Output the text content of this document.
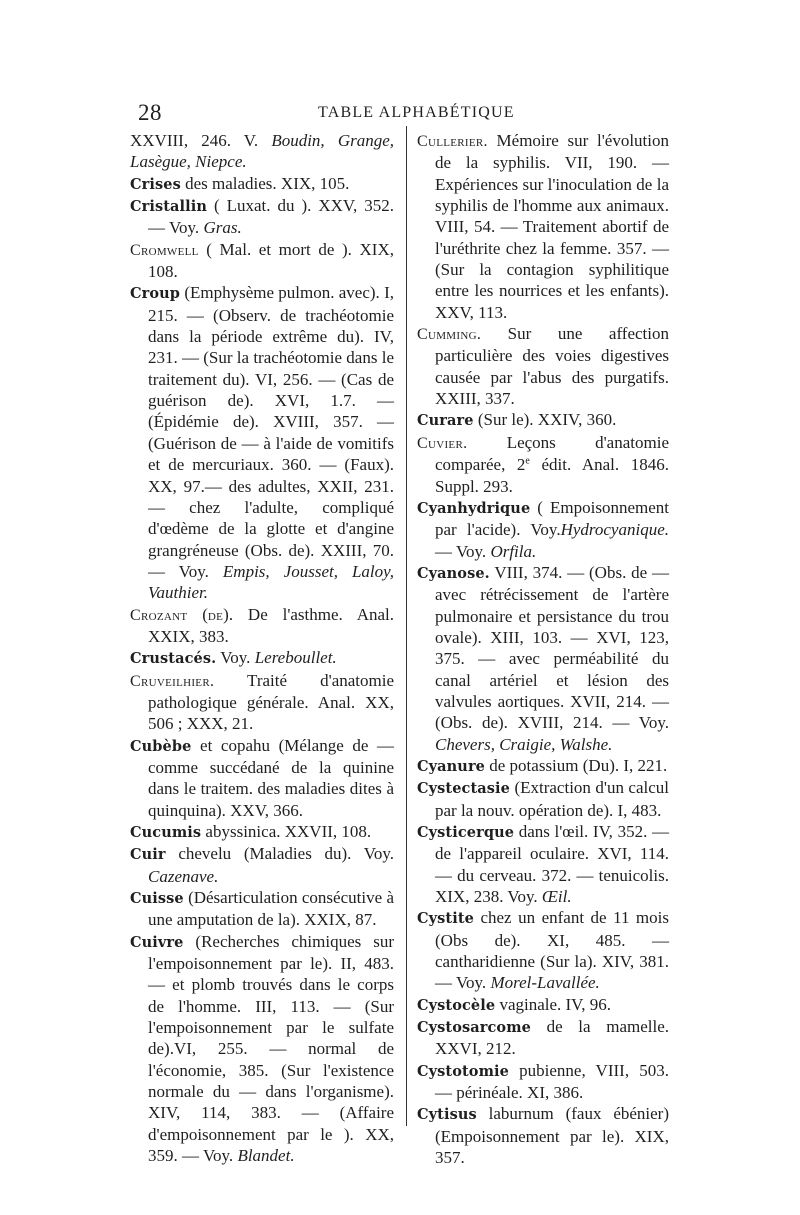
28	TABLE ALPHABÉTIQUE

XXVIII, 246. V. Boudin, Grange, Lasègue, Niepce.

Crises des maladies. XIX, 105.

Cristallin ( Luxat. du ). XXV, 352. — Voy. Gras.

Cromwell ( Mal. et mort de ). XIX, 108.

Croup (Emphysème pulmon. avec). I, 215. — (Observ. de trachéotomie dans la période extrême du). IV, 231. — (Sur la trachéotomie dans le traitement du). VI, 256. — (Cas de guérison de). XVI, 1.7. — (Épidémie de). XVIII, 357. — (Guérison de — à l'aide de vomitifs et de mercuriaux. 360. — (Faux). XX, 97.— des adultes, XXII, 231. — chez l'adulte, compliqué d'œdème de la glotte et d'angine grangréneuse (Obs. de). XXIII, 70. — Voy. Empis, Jousset, Laloy, Vauthier.

Crozant (de). De l'asthme. Anal. XXIX, 383.

Crustacés. Voy. Lereboullet.

Cruveilhier. Traité d'anatomie pathologique générale. Anal. XX, 506 ; XXX, 21.

Cubèbe et copahu (Mélange de — comme succédané de la quinine dans le traitem. des maladies dites à quinquina). XXV, 366.

Cucumis abyssinica. XXVII, 108.

Cuir chevelu (Maladies du). Voy. Cazenave.

Cuisse (Désarticulation consécutive à une amputation de la). XXIX, 87.

Cuivre (Recherches chimiques sur l'empoisonnement par le). II, 483. — et plomb trouvés dans le corps de l'homme. III, 113. — (Sur l'empoisonnement par le sulfate de).VI, 255. — normal de l'économie, 385. (Sur l'existence normale du — dans l'organisme). XIV, 114, 383. — (Affaire d'empoisonnement par le ). XX, 359. — Voy. Blandet.

Cullerier. Mémoire sur l'évolution de la syphilis. VII, 190. — Expériences sur l'inoculation de la syphilis de l'homme aux animaux. VIII, 54. — Traitement abortif de l'uréthrite chez la femme. 357. — (Sur la contagion syphilitique entre les nourrices et les enfants). XXV, 113.

Cumming. Sur une affection particulière des voies digestives causée par l'abus des purgatifs. XXIII, 337.

Curare (Sur le). XXIV, 360.

Cuvier. Leçons d'anatomie comparée, 2e édit. Anal. 1846. Suppl. 293.

Cyanhydrique ( Empoisonnement par l'acide). Voy.Hydrocyanique. — Voy. Orfila.

Cyanose. VIII, 374. — (Obs. de — avec rétrécissement de l'artère pulmonaire et persistance du trou ovale). XIII, 103. — XVI, 123, 375. — avec perméabilité du canal artériel et lésion des valvules aortiques. XVII, 214. — (Obs. de). XVIII, 214. — Voy. Chevers, Craigie, Walshe.

Cyanure de potassium (Du). I, 221.

Cystectasie (Extraction d'un calcul par la nouv. opération de). I, 483.

Cysticerque dans l'œil. IV, 352. — de l'appareil oculaire. XVI, 114.— du cerveau. 372. — tenuicolis. XIX, 238. Voy. Œil.

Cystite chez un enfant de 11 mois (Obs de). XI, 485. — cantharidienne (Sur la). XIV, 381. — Voy. Morel-Lavallée.

Cystocèle vaginale. IV, 96.

Cystosarcome de la mamelle. XXVI, 212.

Cystotomie pubienne, VIII, 503. — périnéale. XI, 386.

Cytisus laburnum (faux ébénier) (Empoisonnement par le). XIX, 357.
